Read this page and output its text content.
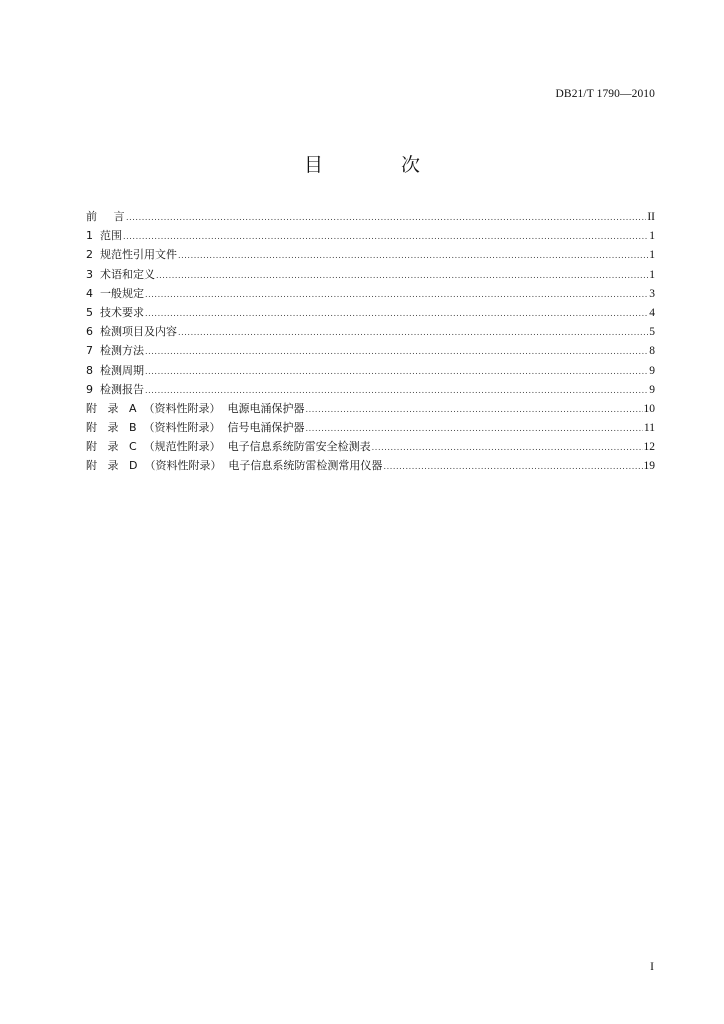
DB21/T 1790—2010
目 次
前    言 .....	II
1  范围 .....	1
2  规范性引用文件 .....	1
3  术语和定义 .....	1
4  一般规定 .....	3
5  技术要求 .....	4
6  检测项目及内容 .....	5
7  检测方法 .....	8
8  检测周期 .....	9
9  检测报告 .....	9
附   录   A  （资料性附录）  电源电涌保护器 .....	10
附   录   B  （资料性附录）  信号电涌保护器 .....	11
附   录   C  （规范性附录）  电子信息系统防雷安全检测表 .....	12
附   录   D  （资料性附录）  电子信息系统防雷检测常用仪器 .....	19
I
